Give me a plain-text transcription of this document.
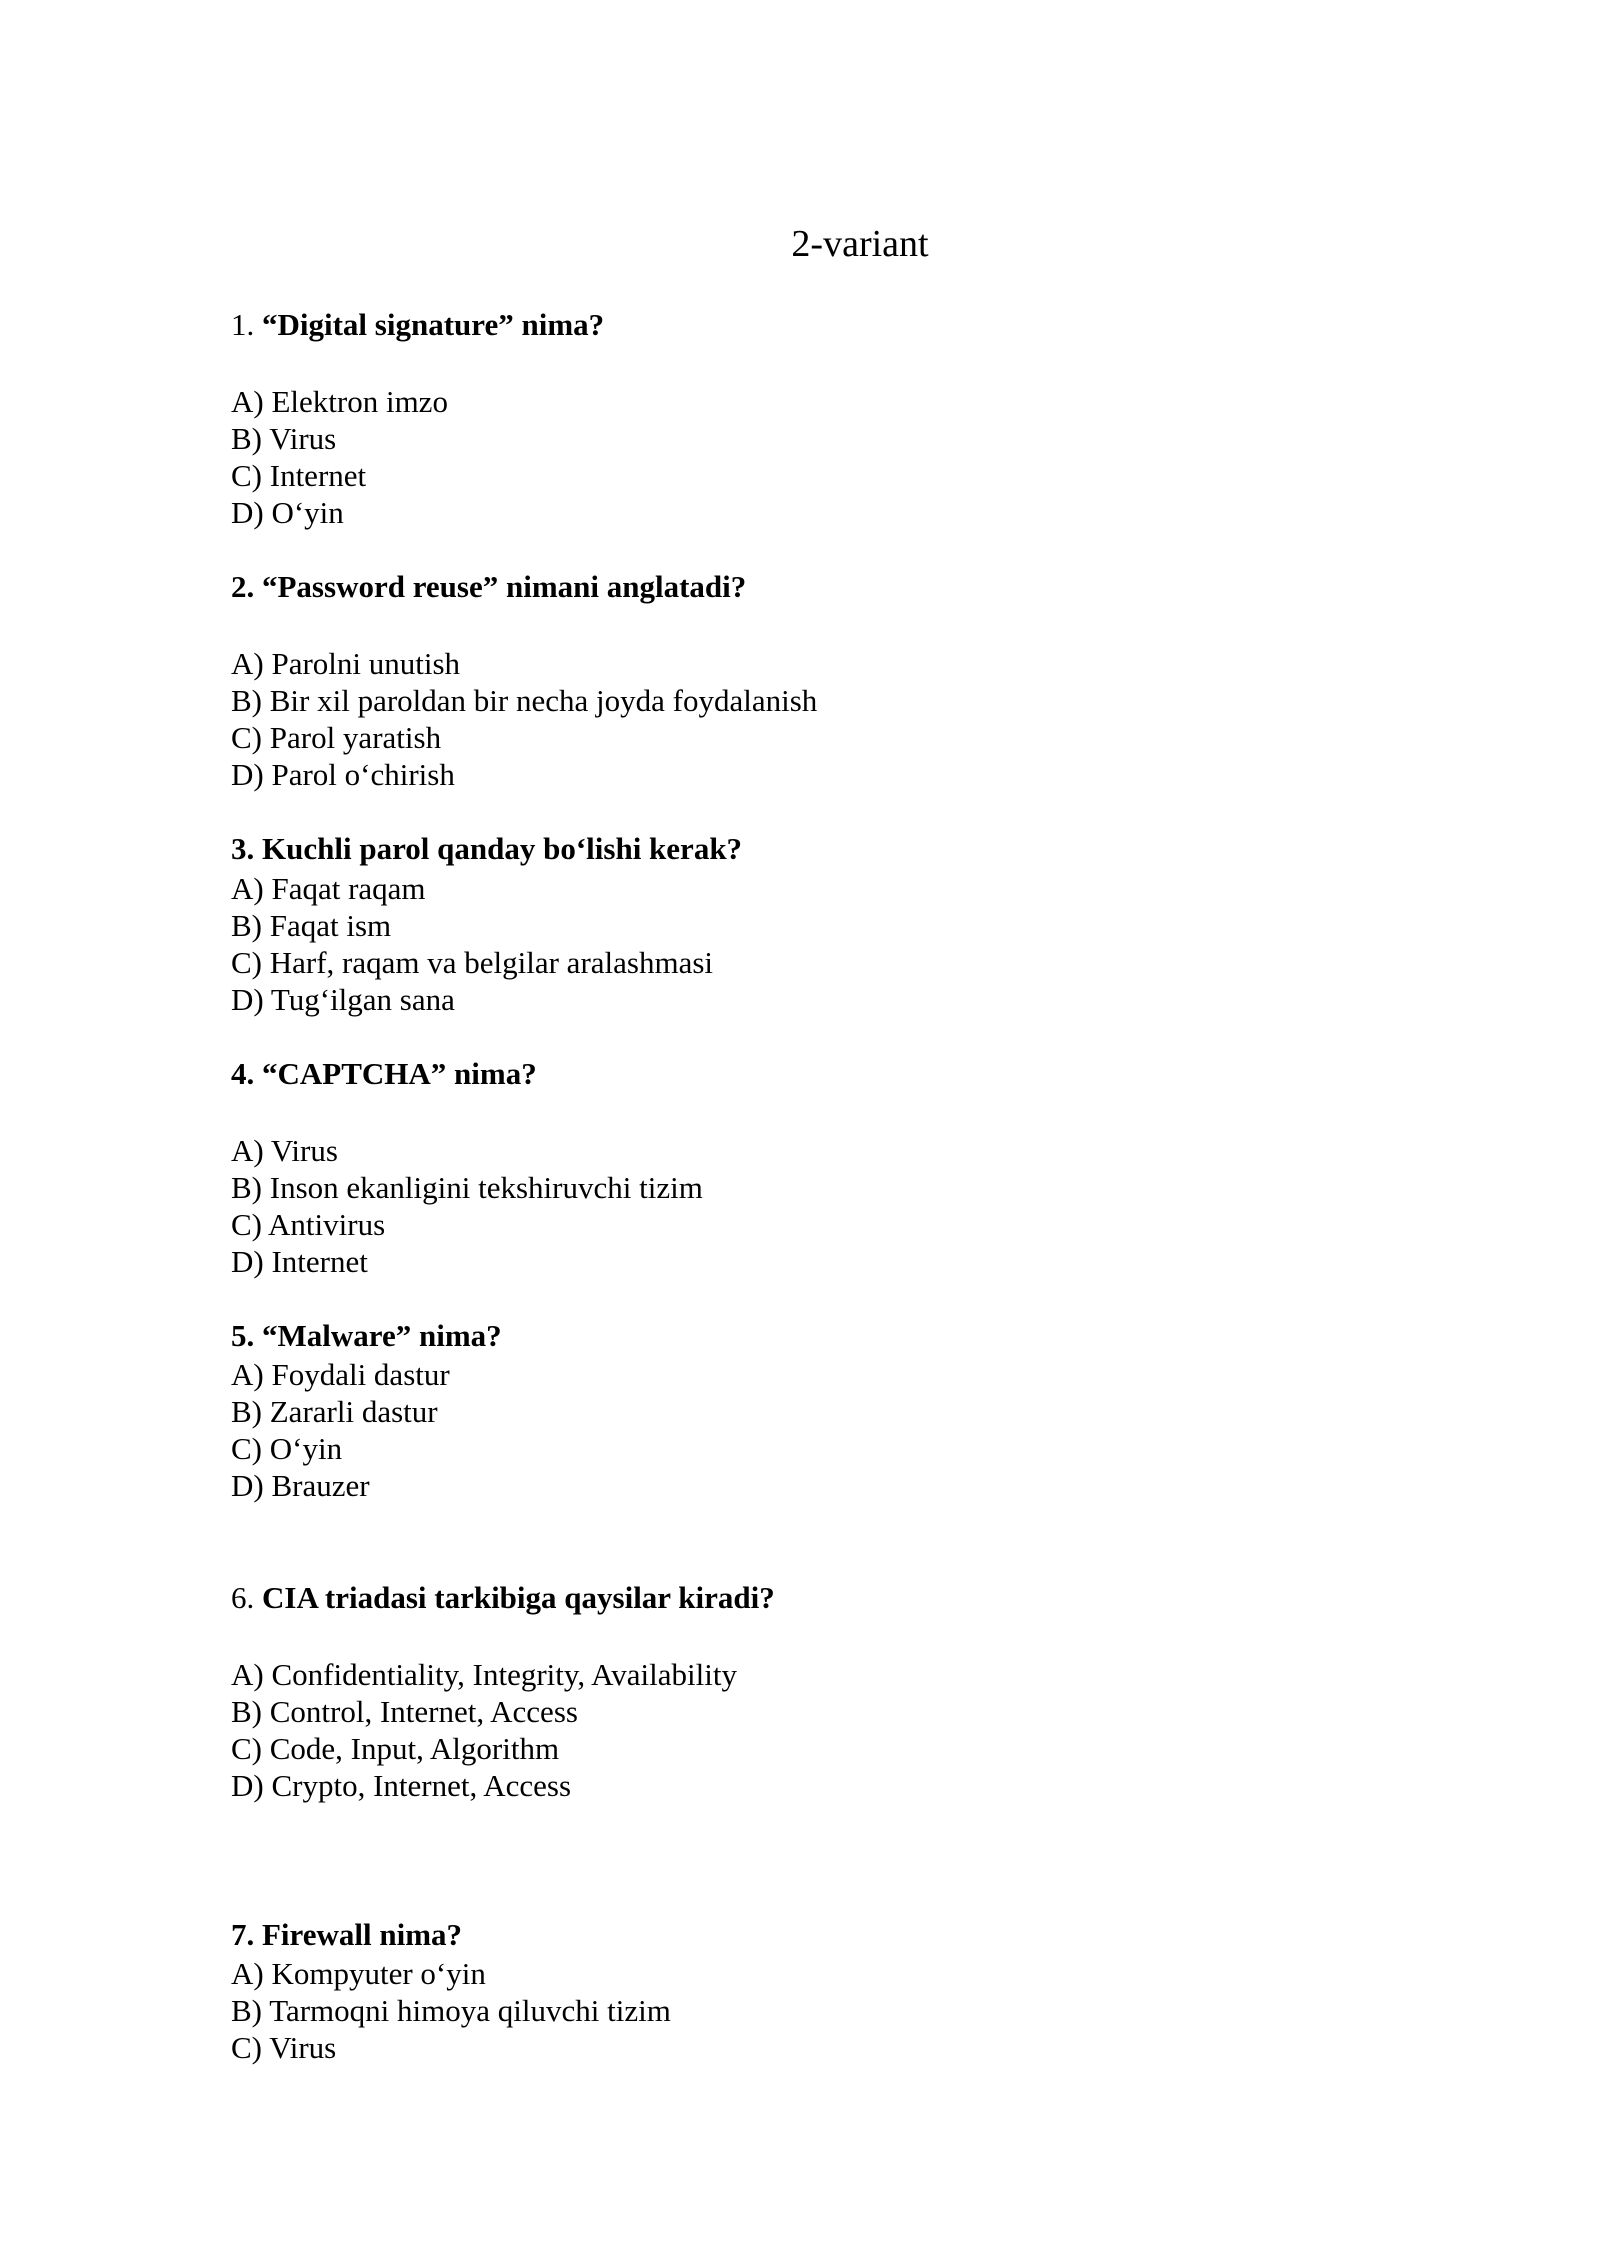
2-variant
1. “Digital signature” nima?
A) Elektron imzo
B) Virus
C) Internet
D) O‘yin
2. “Password reuse” nimani anglatadi?
A) Parolni unutish
B) Bir xil paroldan bir necha joyda foydalanish
C) Parol yaratish
D) Parol o‘chirish
3. Kuchli parol qanday bo‘lishi kerak?
A) Faqat raqam
B) Faqat ism
C) Harf, raqam va belgilar aralashmasi
D) Tug‘ilgan sana
4. “CAPTCHA” nima?
A) Virus
B) Inson ekanligini tekshiruvchi tizim
C) Antivirus
D) Internet
5. “Malware” nima?
A) Foydali dastur
B) Zararli dastur
C) O‘yin
D) Brauzer
6. CIA triadasi tarkibiga qaysilar kiradi?
A) Confidentiality, Integrity, Availability
B) Control, Internet, Access
C) Code, Input, Algorithm
D) Crypto, Internet, Access
7. Firewall nima?
A) Kompyuter o‘yin
B) Tarmoqni himoya qiluvchi tizim
C) Virus
